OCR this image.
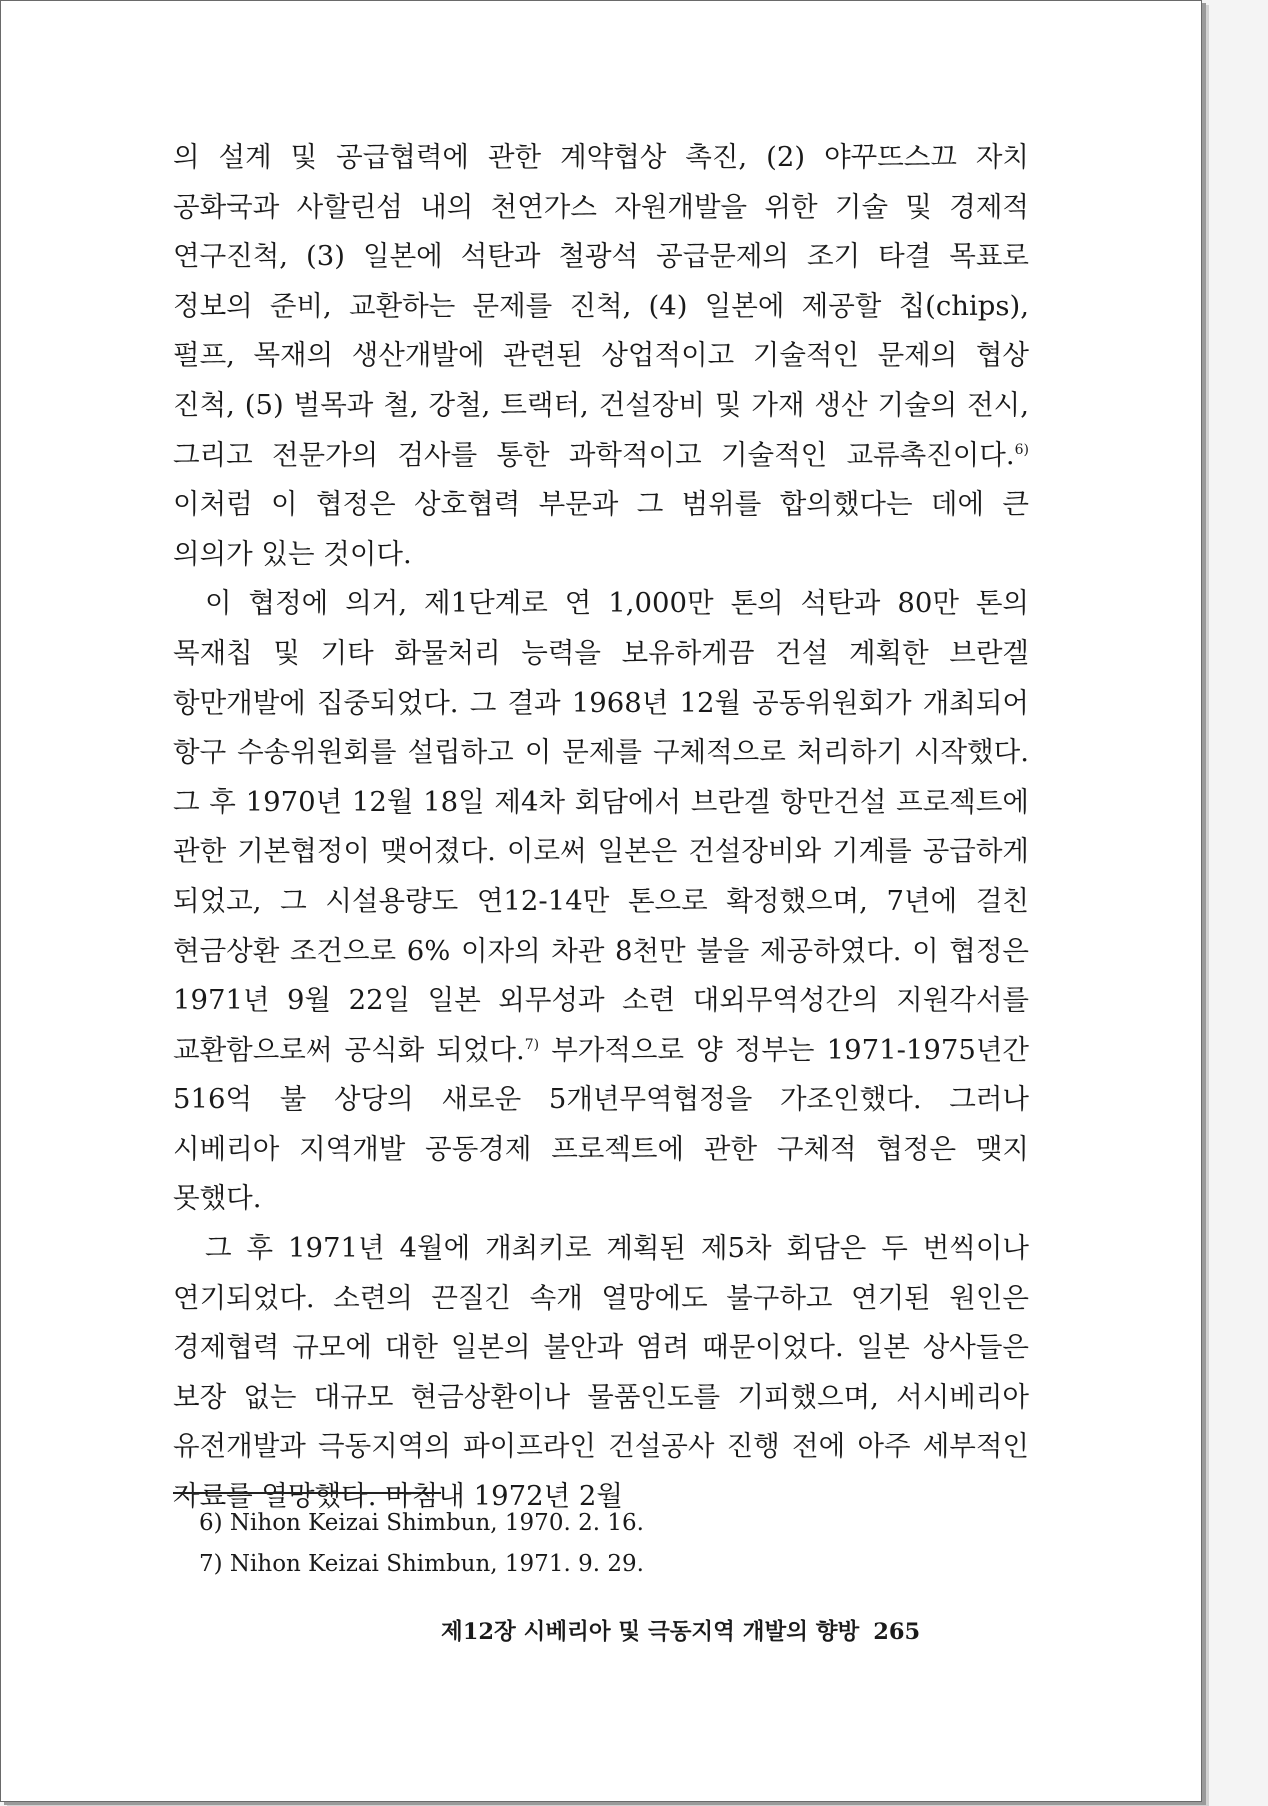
의 설계 및 공급협력에 관한 계약협상 촉진, (2) 야꾸뜨스끄 자치 공화국과 사할린섬 내의 천연가스 자원개발을 위한 기술 및 경제적 연구진척, (3) 일본에 석탄과 철광석 공급문제의 조기 타결 목표로 정보의 준비, 교환하는 문제를 진척, (4) 일본에 제공할 칩(chips), 펄프, 목재의 생산개발에 관련된 상업적이고 기술적인 문제의 협상 진척, (5) 벌목과 철, 강철, 트랙터, 건설장비 및 가재 생산 기술의 전시, 그리고 전문가의 검사를 통한 과학적이고 기술적인 교류촉진이다.$^{6)}$ 이처럼 이 협정은 상호협력 부문과 그 범위를 합의했다는 데에 큰 의의가 있는 것이다.

이 협정에 의거, 제1단계로 연 1,000만 톤의 석탄과 80만 톤의 목재칩 및 기타 화물처리 능력을 보유하게끔 건설 계획한 브란겔 항만개발에 집중되었다. 그 결과 1968년 12월 공동위원회가 개최되어 항구 수송위원회를 설립하고 이 문제를 구체적으로 처리하기 시작했다. 그 후 1970년 12월 18일 제4차 회담에서 브란겔 항만건설 프로젝트에 관한 기본협정이 맺어졌다. 이로써 일본은 건설장비와 기계를 공급하게 되었고, 그 시설용량도 연12-14만 톤으로 확정했으며, 7년에 걸친 현금상환 조건으로 6% 이자의 차관 8천만 불을 제공하였다. 이 협정은 1971년 9월 22일 일본 외무성과 소련 대외무역성간의 지원각서를 교환함으로써 공식화 되었다.$^{7)}$ 부가적으로 양 정부는 1971-1975년간 516억 불 상당의 새로운 5개년무역협정을 가조인했다. 그러나 시베리아 지역개발 공동경제 프로젝트에 관한 구체적 협정은 맺지 못했다.

그 후 1971년 4월에 개최키로 계획된 제5차 회담은 두 번씩이나 연기되었다. 소련의 끈질긴 속개 열망에도 불구하고 연기된 원인은 경제협력 규모에 대한 일본의 불안과 염려 때문이었다. 일본 상사들은 보장 없는 대규모 현금상환이나 물품인도를 기피했으며, 서시베리아 유전개발과 극동지역의 파이프라인 건설공사 진행 전에 아주 세부적인 자료를 열망했다. 마침내 1972년 2월

6) Nihon Keizai Shimbun, 1970. 2. 16.
7) Nihon Keizai Shimbun, 1971. 9. 29.
제12장 시베리아 및 극동지역 개발의 향방 265
